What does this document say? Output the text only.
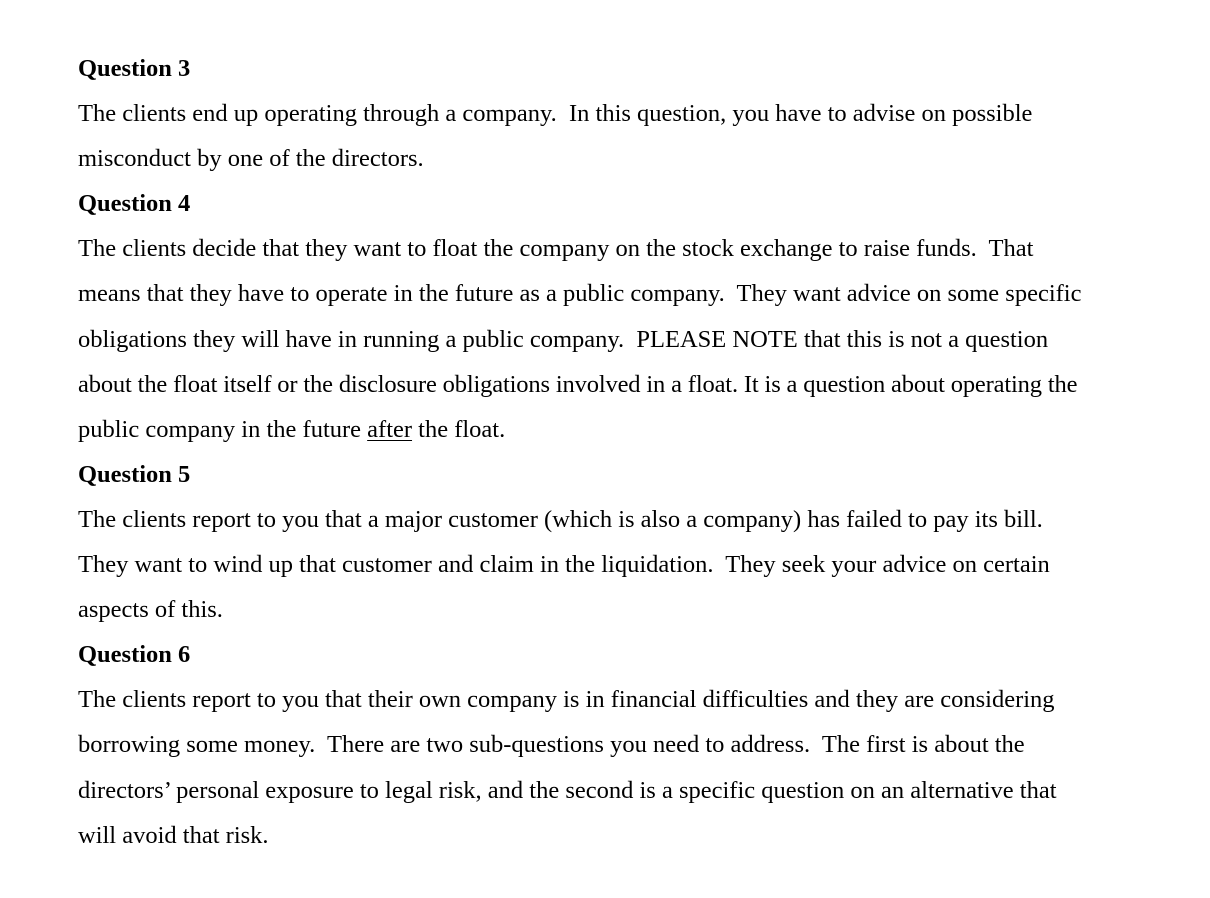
Question 3
The clients end up operating through a company.  In this question, you have to advise on possible
misconduct by one of the directors.
Question 4
The clients decide that they want to float the company on the stock exchange to raise funds.  That
means that they have to operate in the future as a public company.  They want advice on some specific
obligations they will have in running a public company.  PLEASE NOTE that this is not a question
about the float itself or the disclosure obligations involved in a float. It is a question about operating the
public company in the future after the float.
Question 5
The clients report to you that a major customer (which is also a company) has failed to pay its bill.
They want to wind up that customer and claim in the liquidation.  They seek your advice on certain
aspects of this.
Question 6
The clients report to you that their own company is in financial difficulties and they are considering
borrowing some money.  There are two sub-questions you need to address.  The first is about the
directors’ personal exposure to legal risk, and the second is a specific question on an alternative that
will avoid that risk.
